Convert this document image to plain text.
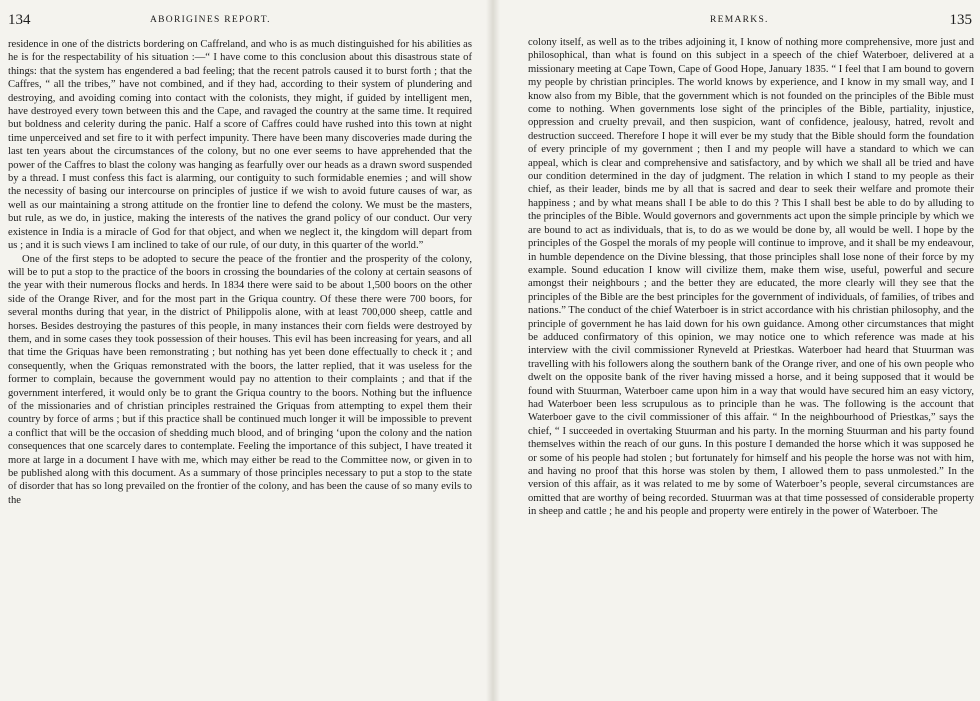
134	ABORIGINES REPORT.

residence in one of the districts bordering on Caffreland, and who is as much distinguished for his abilities as he is for the respectability of his situation :—“ I have come to this conclusion about this disastrous state of things: that the system has engendered a bad feeling; that the recent patrols caused it to burst forth ; that the Caffres, “ all the tribes,” have not combined, and if they had, according to their system of plundering and destroying, and avoiding coming into contact with the colonists, they might, if guided by intelligent men, have destroyed every town between this and the Cape, and ravaged the country at the same time. It required but boldness and celerity during the panic. Half a score of Caffres could have rushed into this town at night time unperceived and set fire to it with perfect impunity. There have been many discoveries made during the last ten years about the circumstances of the colony, but no one ever seems to have apprehended that the power of the Caffres to blast the colony was hanging as fearfully over our heads as a drawn sword suspended by a thread. I must confess this fact is alarming, our contiguity to such formidable enemies ; and will show the necessity of basing our intercourse on principles of justice if we wish to avoid future causes of war, as well as our maintaining a strong attitude on the frontier line to defend the colony. We must be the masters, but rule, as we do, in justice, making the interests of the natives the grand policy of our conduct. Our very existence in India is a miracle of God for that object, and when we neglect it, the kingdom will depart from us ; and it is such views I am inclined to take of our rule, of our duty, in this quarter of the world.”

One of the first steps to be adopted to secure the peace of the frontier and the prosperity of the colony, will be to put a stop to the practice of the boors in crossing the boundaries of the colony at certain seasons of the year with their numerous flocks and herds. In 1834 there were said to be about 1,500 boors on the other side of the Orange River, and for the most part in the Griqua country. Of these there were 700 boors, for several months during that year, in the district of Philippolis alone, with at least 700,000 sheep, cattle and horses. Besides destroying the pastures of this people, in many instances their corn fields were destroyed by them, and in some cases they took possession of their houses. This evil has been increasing for years, and all that time the Griquas have been remonstrating ; but nothing has yet been done effectually to check it ; and consequently, when the Griquas remonstrated with the boors, the latter replied, that it was useless for the former to complain, because the government would pay no attention to their complaints ; and that if the government interfered, it would only be to grant the Griqua country to the boors. Nothing but the influence of the missionaries and of christian principles restrained the Griquas from attempting to expel them their country by force of arms ; but if this practice shall be continued much longer it will be impossible to prevent a conflict that will be the occasion of shedding much blood, and of bringing ‘upon the colony and the nation consequences that one scarcely dares to contemplate. Feeling the importance of this subject, I have treated it more at large in a document I have with me, which may either be read to the Committee now, or given in to be published along with this document. As a summary of those principles necessary to put a stop to the state of disorder that has so long prevailed on the frontier of the colony, and has been the cause of so many evils to the

REMARKS.	135

colony itself, as well as to the tribes adjoining it, I know of nothing more comprehensive, more just and philosophical, than what is found on this subject in a speech of the chief Waterboer, delivered at a missionary meeting at Cape Town, Cape of Good Hope, January 1835. “ I feel that I am bound to govern my people by christian principles. The world knows by experience, and I know in my small way, and I know also from my Bible, that the government which is not founded on the principles of the Bible must come to nothing. When governments lose sight of the principles of the Bible, partiality, injustice, oppression and cruelty prevail, and then suspicion, want of confidence, jealousy, hatred, revolt and destruction succeed. Therefore I hope it will ever be my study that the Bible should form the foundation of every principle of my government ; then I and my people will have a standard to which we can appeal, which is clear and comprehensive and satisfactory, and by which we shall all be tried and have our condition determined in the day of judgment. The relation in which I stand to my people as their chief, as their leader, binds me by all that is sacred and dear to seek their welfare and promote their happiness ; and by what means shall I be able to do this ? This I shall best be able to do by alluding to the principles of the Bible. Would governors and governments act upon the simple principle by which we are bound to act as individuals, that is, to do as we would be done by, all would be well. I hope by the principles of the Gospel the morals of my people will continue to improve, and it shall be my endeavour, in humble dependence on the Divine blessing, that those principles shall lose none of their force by my example. Sound education I know will civilize them, make them wise, useful, powerful and secure amongst their neighbours ; and the better they are educated, the more clearly will they see that the principles of the Bible are the best principles for the government of individuals, of families, of tribes and nations.” The conduct of the chief Waterboer is in strict accordance with his christian philosophy, and the principle of government he has laid down for his own guidance. Among other circumstances that might be adduced confirmatory of this opinion, we may notice one to which reference was made at his interview with the civil commissioner Ryneveld at Priestkas. Waterboer had heard that Stuurman was travelling with his followers along the southern bank of the Orange river, and one of his own people who dwelt on the opposite bank of the river having missed a horse, and it being supposed that it would be found with Stuurman, Waterboer came upon him in a way that would have secured him an easy victory, had Waterboer been less scrupulous as to principle than he was. The following is the account that Waterboer gave to the civil commissioner of this affair. “ In the neighbourhood of Priestkas,” says the chief, “ I succeeded in overtaking Stuurman and his party. In the morning Stuurman and his party found themselves within the reach of our guns. In this posture I demanded the horse which it was supposed he or some of his people had stolen ; but fortunately for himself and his people the horse was not with him, and having no proof that this horse was stolen by them, I allowed them to pass unmolested.” In the version of this affair, as it was related to me by some of Waterboer’s people, several circumstances are omitted that are worthy of being recorded. Stuurman was at that time possessed of considerable property in sheep and cattle ; he and his people and property were entirely in the power of Waterboer. The
